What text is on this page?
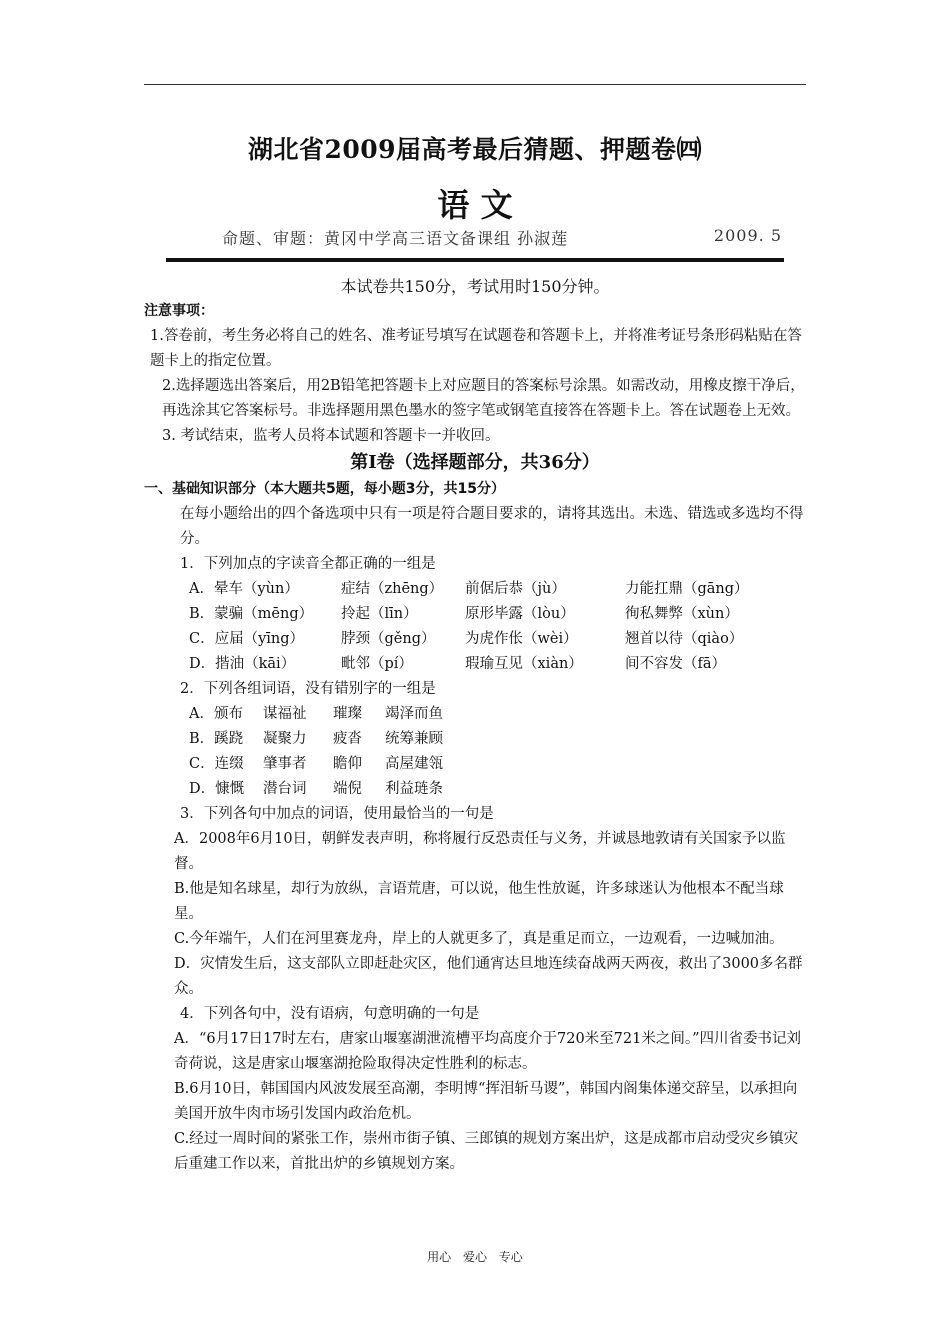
湖北省2009届高考最后猜题、押题卷㈣
语 文
命题、审题：黄冈中学高三语文备课组 孙淑莲	2009. 5
本试卷共150分，考试用时150分钟。

注意事项：

1.答卷前，考生务必将自己的姓名、准考证号填写在试题卷和答题卡上，并将准考证号条形码粘贴在答题卡上的指定位置。

2.选择题选出答案后，用2B铅笔把答题卡上对应题目的答案标号涂黑。如需改动，用橡皮擦干净后，再选涂其它答案标号。非选择题用黑色墨水的签字笔或钢笔直接答在答题卡上。答在试题卷上无效。

3. 考试结束，监考人员将本试题和答题卡一并收回。

第Ⅰ卷（选择题部分，共36分）

一、基础知识部分（本大题共5题，每小题3分，共15分）

在每小题给出的四个备选项中只有一项是符合题目要求的，请将其选出。未选、错选或多选均不得分。

1．下列加点的字读音全都正确的一组是

A．晕车（yùn）	症结（zhēng）	前倨后恭（jù）	力能扛鼎（gāng）
B．蒙骗（mēng）	拎起（līn）	原形毕露（lòu）	徇私舞弊（xùn）
C．应届（yīng）	脖颈（gěng）	为虎作伥（wèi）	翘首以待（qiào）
D．揩油（kāi）	毗邻（pí）	瑕瑜互见（xiàn）	间不容发（fā）

2．下列各组词语，没有错别字的一组是

A．颁布	谋福祉	璀璨	竭泽而鱼
B．蹊跷	凝聚力	疲沓	统筹兼顾
C．连缀	肇事者	瞻仰	高屋建瓴
D．慷慨	潜台词	端倪	利益琏条

3．下列各句中加点的词语，使用最恰当的一句是

A．2008年6月10日，朝鲜发表声明，称将履行反恐责任与义务，并诚恳地敦请有关国家予以监督。

B.他是知名球星，却行为放纵，言语荒唐，可以说，他生性放诞，许多球迷认为他根本不配当球星。

C.今年端午，人们在河里赛龙舟，岸上的人就更多了，真是重足而立，一边观看，一边喊加油。

D．灾情发生后，这支部队立即赶赴灾区，他们通宵达旦地连续奋战两天两夜，救出了3000多名群众。

4．下列各句中，没有语病，句意明确的一句是

A．“6月17日17时左右，唐家山堰塞湖泄流槽平均高度介于720米至721米之间。”四川省委书记刘奇荷说，这是唐家山堰塞湖抢险取得决定性胜利的标志。

B.6月10日，韩国国内风波发展至高潮，李明博“挥泪斩马谡”，韩国内阁集体递交辞呈，以承担向美国开放牛肉市场引发国内政治危机。

C.经过一周时间的紧张工作，崇州市街子镇、三郎镇的规划方案出炉，这是成都市启动受灾乡镇灾后重建工作以来，首批出炉的乡镇规划方案。

用心 爱心 专心
